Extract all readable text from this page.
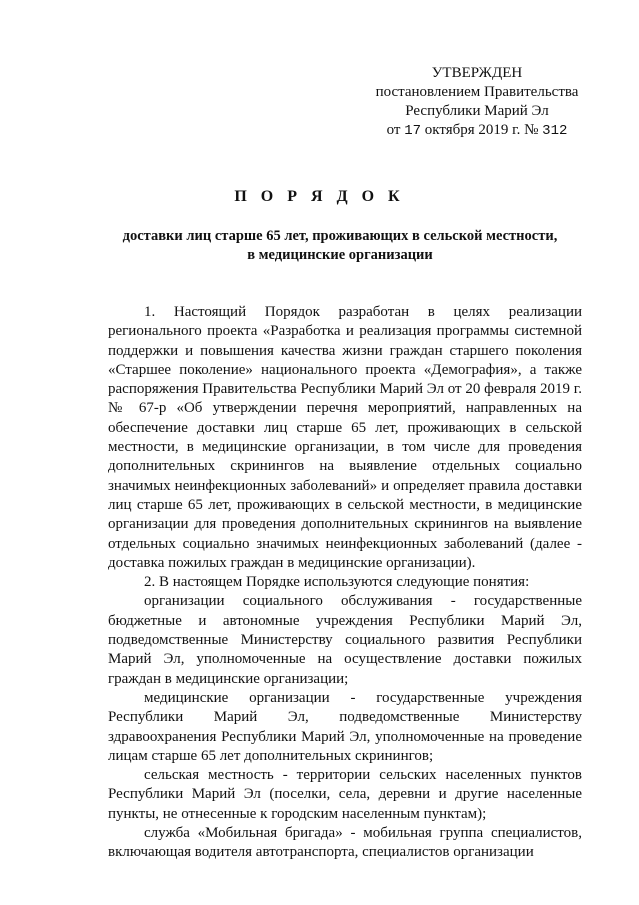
УТВЕРЖДЕН
постановлением Правительства
Республики Марий Эл
от 17 октября 2019 г. № 312
П О Р Я Д О К
доставки лиц старше 65 лет, проживающих в сельской местности,
в медицинские организации

1. Настоящий Порядок разработан в целях реализации регионального проекта «Разработка и реализация программы системной поддержки и повышения качества жизни граждан старшего поколения «Старшее поколение» национального проекта «Демография», а также распоряжения Правительства Республики Марий Эл от 20 февраля 2019 г. № 67-р «Об утверждении перечня мероприятий, направленных на обеспечение доставки лиц старше 65 лет, проживающих в сельской местности, в медицинские организации, в том числе для проведения дополнительных скринингов на выявление отдельных социально значимых неинфекционных заболеваний» и определяет правила доставки лиц старше 65 лет, проживающих в сельской местности, в медицинские организации для проведения дополнительных скринингов на выявление отдельных социально значимых неинфекционных заболеваний (далее - доставка пожилых граждан в медицинские организации).

2. В настоящем Порядке используются следующие понятия:

организации социального обслуживания - государственные бюджетные и автономные учреждения Республики Марий Эл, подведомственные Министерству социального развития Республики Марий Эл, уполномоченные на осуществление доставки пожилых граждан в медицинские организации;

медицинские организации - государственные учреждения Республики Марий Эл, подведомственные Министерству здравоохранения Республики Марий Эл, уполномоченные на проведение лицам старше 65 лет дополнительных скринингов;

сельская местность - территории сельских населенных пунктов Республики Марий Эл (поселки, села, деревни и другие населенные пункты, не отнесенные к городским населенным пунктам);

служба «Мобильная бригада» - мобильная группа специалистов, включающая водителя автотранспорта, специалистов организации
